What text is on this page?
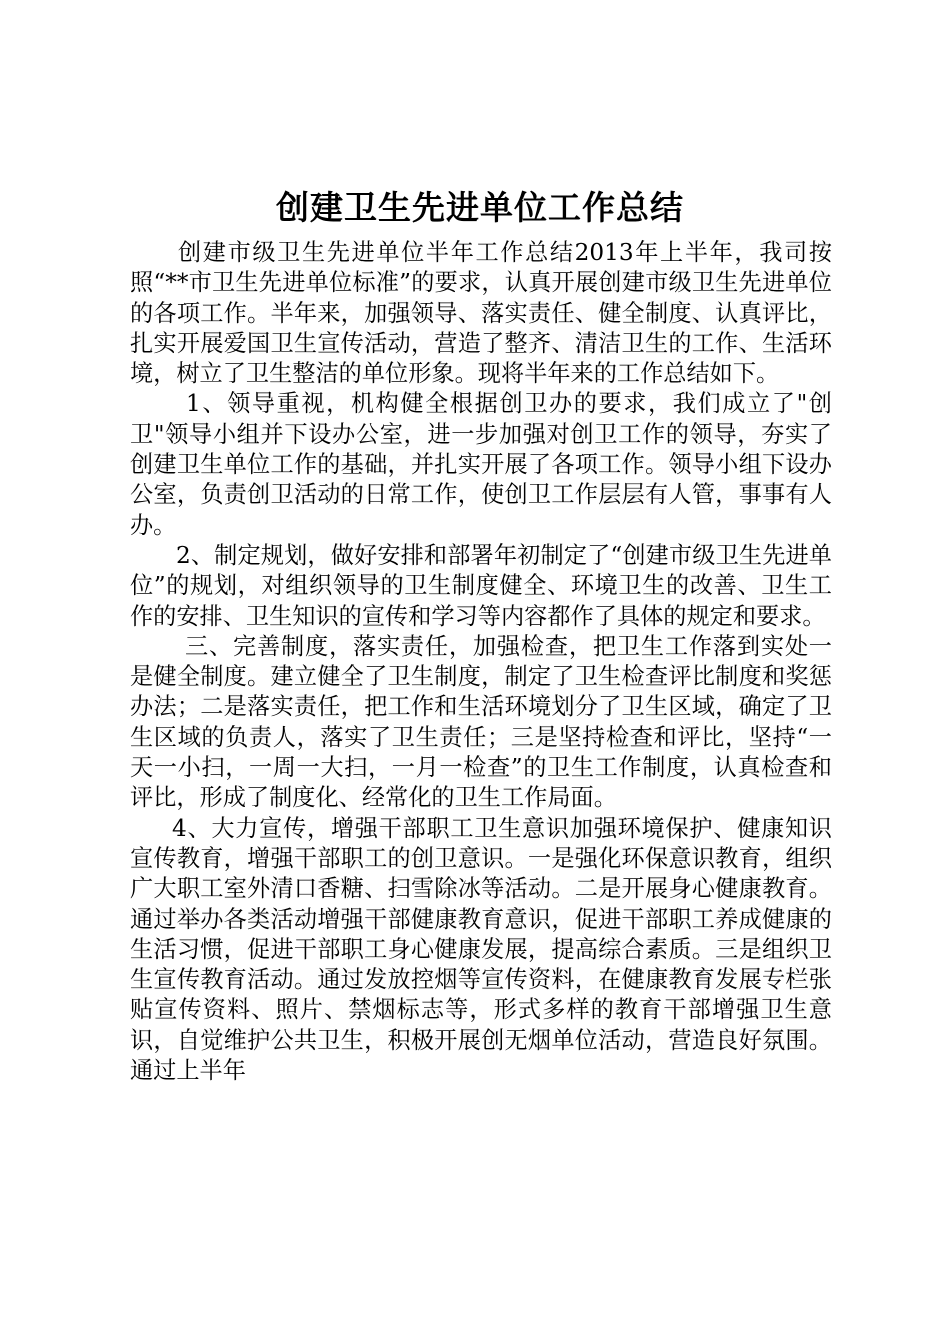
创建卫生先进单位工作总结

创建市级卫生先进单位半年工作总结2013年上半年，我司按照“**市卫生先进单位标准”的要求，认真开展创建市级卫生先进单位的各项工作。半年来，加强领导、落实责任、健全制度、认真评比，扎实开展爱国卫生宣传活动，营造了整齐、清洁卫生的工作、生活环境，树立了卫生整洁的单位形象。现将半年来的工作总结如下。

1、领导重视，机构健全根据创卫办的要求，我们成立了"创卫"领导小组并下设办公室，进一步加强对创卫工作的领导，夯实了创建卫生单位工作的基础，并扎实开展了各项工作。领导小组下设办公室，负责创卫活动的日常工作，使创卫工作层层有人管，事事有人办。

2、制定规划，做好安排和部署年初制定了“创建市级卫生先进单位”的规划，对组织领导的卫生制度健全、环境卫生的改善、卫生工作的安排、卫生知识的宣传和学习等内容都作了具体的规定和要求。

三、完善制度，落实责任，加强检查，把卫生工作落到实处一是健全制度。建立健全了卫生制度，制定了卫生检查评比制度和奖惩办法；二是落实责任，把工作和生活环境划分了卫生区域，确定了卫生区域的负责人，落实了卫生责任；三是坚持检查和评比，坚持“一天一小扫，一周一大扫，一月一检查”的卫生工作制度，认真检查和评比，形成了制度化、经常化的卫生工作局面。

4、大力宣传，增强干部职工卫生意识加强环境保护、健康知识宣传教育，增强干部职工的创卫意识。一是强化环保意识教育，组织广大职工室外清口香糖、扫雪除冰等活动。二是开展身心健康教育。通过举办各类活动增强干部健康教育意识，促进干部职工养成健康的生活习惯，促进干部职工身心健康发展，提高综合素质。三是组织卫生宣传教育活动。通过发放控烟等宣传资料，在健康教育发展专栏张贴宣传资料、照片、禁烟标志等，形式多样的教育干部增强卫生意识，自觉维护公共卫生，积极开展创无烟单位活动，营造良好氛围。通过上半年
